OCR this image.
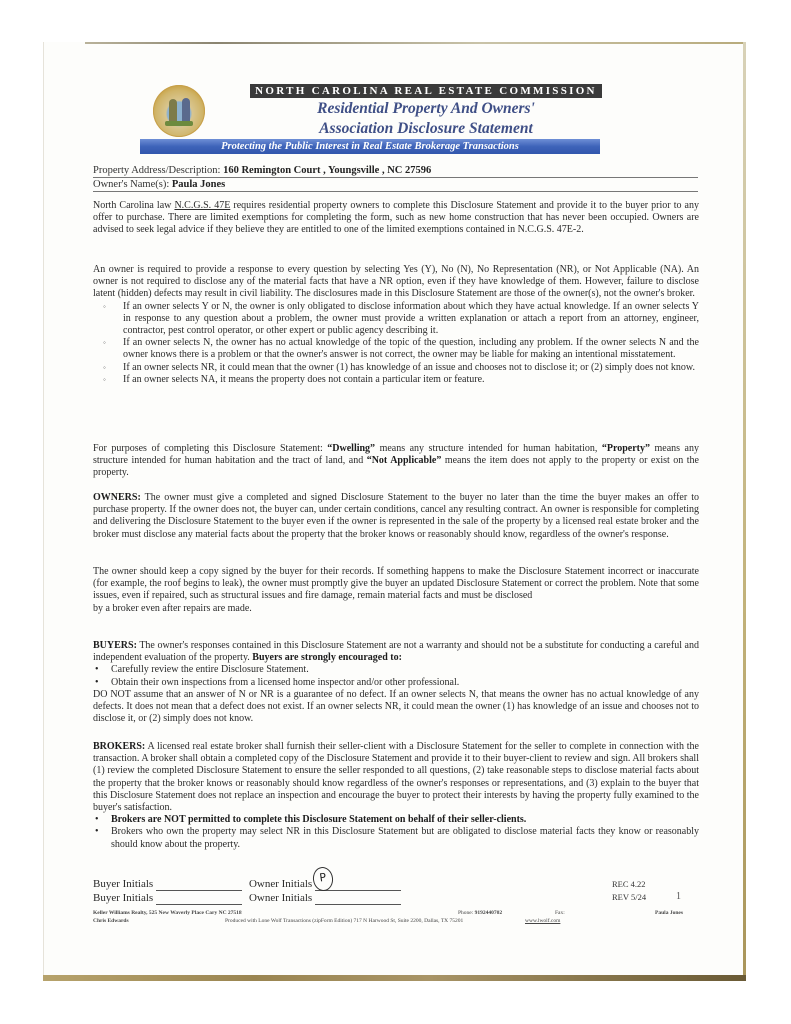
NORTH CAROLINA REAL ESTATE COMMISSION
Residential Property And Owners'
Association Disclosure Statement
Protecting the Public Interest in Real Estate Brokerage Transactions
Property Address/Description: 160 Remington Court , Youngsville , NC 27596
Owner's Name(s): Paula Jones

North Carolina law N.C.G.S. 47E requires residential property owners to complete this Disclosure Statement and provide it to the buyer prior to any offer to purchase. There are limited exemptions for completing the form, such as new home construction that has never been occupied. Owners are advised to seek legal advice if they believe they are entitled to one of the limited exemptions contained in N.C.G.S. 47E-2.

An owner is required to provide a response to every question by selecting Yes (Y), No (N), No Representation (NR), or Not Applicable (NA). An owner is not required to disclose any of the material facts that have a NR option, even if they have knowledge of them. However, failure to disclose latent (hidden) defects may result in civil liability. The disclosures made in this Disclosure Statement are those of the owner(s), not the owner's broker.

◦ If an owner selects Y or N, the owner is only obligated to disclose information about which they have actual knowledge. If an owner selects Y in response to any question about a problem, the owner must provide a written explanation or attach a report from an attorney, engineer, contractor, pest control operator, or other expert or public agency describing it.
◦ If an owner selects N, the owner has no actual knowledge of the topic of the question, including any problem. If the owner selects N and the owner knows there is a problem or that the owner's answer is not correct, the owner may be liable for making an intentional misstatement.
◦ If an owner selects NR, it could mean that the owner (1) has knowledge of an issue and chooses not to disclose it; or (2) simply does not know.
◦ If an owner selects NA, it means the property does not contain a particular item or feature.

For purposes of completing this Disclosure Statement: “Dwelling” means any structure intended for human habitation, “Property” means any structure intended for human habitation and the tract of land, and “Not Applicable” means the item does not apply to the property or exist on the property.

OWNERS: The owner must give a completed and signed Disclosure Statement to the buyer no later than the time the buyer makes an offer to purchase property. If the owner does not, the buyer can, under certain conditions, cancel any resulting contract. An owner is responsible for completing and delivering the Disclosure Statement to the buyer even if the owner is represented in the sale of the property by a licensed real estate broker and the broker must disclose any material facts about the property that the broker knows or reasonably should know, regardless of the owner's response.

The owner should keep a copy signed by the buyer for their records. If something happens to make the Disclosure Statement incorrect or inaccurate (for example, the roof begins to leak), the owner must promptly give the buyer an updated Disclosure Statement or correct the problem. Note that some issues, even if repaired, such as structural issues and fire damage, remain material facts and must be disclosed

by a broker even after repairs are made.

BUYERS: The owner's responses contained in this Disclosure Statement are not a warranty and should not be a substitute for conducting a careful and independent evaluation of the property. Buyers are strongly encouraged to:

• Carefully review the entire Disclosure Statement.
• Obtain their own inspections from a licensed home inspector and/or other professional.

DO NOT assume that an answer of N or NR is a guarantee of no defect. If an owner selects N, that means the owner has no actual knowledge of any defects. It does not mean that a defect does not exist. If an owner selects NR, it could mean the owner (1) has knowledge of an issue and chooses not to disclose it, or (2) simply does not know.

BROKERS: A licensed real estate broker shall furnish their seller-client with a Disclosure Statement for the seller to complete in connection with the transaction. A broker shall obtain a completed copy of the Disclosure Statement and provide it to their buyer-client to review and sign. All brokers shall (1) review the completed Disclosure Statement to ensure the seller responded to all questions, (2) take reasonable steps to disclose material facts about the property that the broker knows or reasonably should know regardless of the owner's responses or representations, and (3) explain to the buyer that this Disclosure Statement does not replace an inspection and encourage the buyer to protect their interests by having the property fully examined to the buyer's satisfaction.

• Brokers are NOT permitted to complete this Disclosure Statement on behalf of their seller-clients.
• Brokers who own the property may select NR in this Disclosure Statement but are obligated to disclose material facts they know or reasonably should know about the property.
Buyer Initials	Owner Initials P
Buyer Initials	Owner Initials
REC 4.22
REV 5/24	1
Keller Williams Realty, 525 New Waverly Place Cary NC 27518
Chris Edwards	Produced with Lone Wolf Transactions (zipForm Edition) 717 N Harwood St, Suite 2200, Dallas, TX 75201
Phone: 9192440702	Fax:
www.lwolf.com
Paula Jones
